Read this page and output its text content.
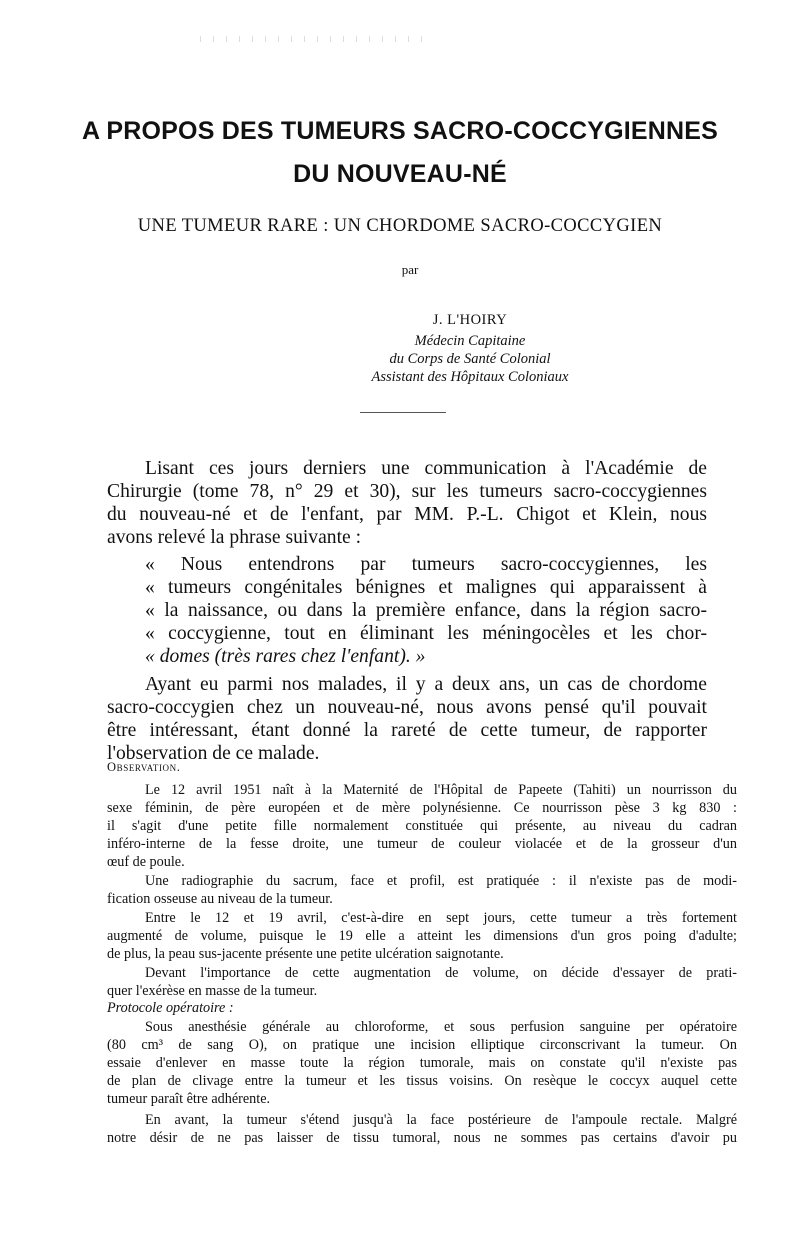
A PROPOS DES TUMEURS SACRO-COCCYGIENNES
DU NOUVEAU-NÉ
UNE TUMEUR RARE : UN CHORDOME SACRO-COCCYGIEN
par
J. L'HOIRY
Médecin Capitaine
du Corps de Santé Colonial
Assistant des Hôpitaux Coloniaux
Lisant ces jours derniers une communication à l'Académie de
Chirurgie (tome 78, n° 29 et 30), sur les tumeurs sacro-coccygiennes
du nouveau-né et de l'enfant, par MM. P.-L. Chigot et Klein, nous
avons relevé la phrase suivante :
« Nous entendrons par tumeurs sacro-coccygiennes, les
« tumeurs congénitales bénignes et malignes qui apparaissent à
« la naissance, ou dans la première enfance, dans la région sacro-
« coccygienne, tout en éliminant les méningocèles et les chor-
« domes (très rares chez l'enfant). »
Ayant eu parmi nos malades, il y a deux ans, un cas de chordome
sacro-coccygien chez un nouveau-né, nous avons pensé qu'il pouvait
être intéressant, étant donné la rareté de cette tumeur, de rapporter
l'observation de ce malade.
Observation.
Le 12 avril 1951 naît à la Maternité de l'Hôpital de Papeete (Tahiti) un nourrisson du
sexe féminin, de père européen et de mère polynésienne. Ce nourrisson pèse 3 kg 830 :
il s'agit d'une petite fille normalement constituée qui présente, au niveau du cadran
inféro-interne de la fesse droite, une tumeur de couleur violacée et de la grosseur d'un
œuf de poule.
Une radiographie du sacrum, face et profil, est pratiquée : il n'existe pas de modi-
fication osseuse au niveau de la tumeur.
Entre le 12 et 19 avril, c'est-à-dire en sept jours, cette tumeur a très fortement
augmenté de volume, puisque le 19 elle a atteint les dimensions d'un gros poing d'adulte;
de plus, la peau sus-jacente présente une petite ulcération saignotante.
Devant l'importance de cette augmentation de volume, on décide d'essayer de prati-
quer l'exérèse en masse de la tumeur.
Protocole opératoire :
Sous anesthésie générale au chloroforme, et sous perfusion sanguine per opératoire
(80 cm³ de sang O), on pratique une incision elliptique circonscrivant la tumeur. On
essaie d'enlever en masse toute la région tumorale, mais on constate qu'il n'existe pas
de plan de clivage entre la tumeur et les tissus voisins. On resèque le coccyx auquel cette
tumeur paraît être adhérente.
En avant, la tumeur s'étend jusqu'à la face postérieure de l'ampoule rectale. Malgré
notre désir de ne pas laisser de tissu tumoral, nous ne sommes pas certains d'avoir pu
